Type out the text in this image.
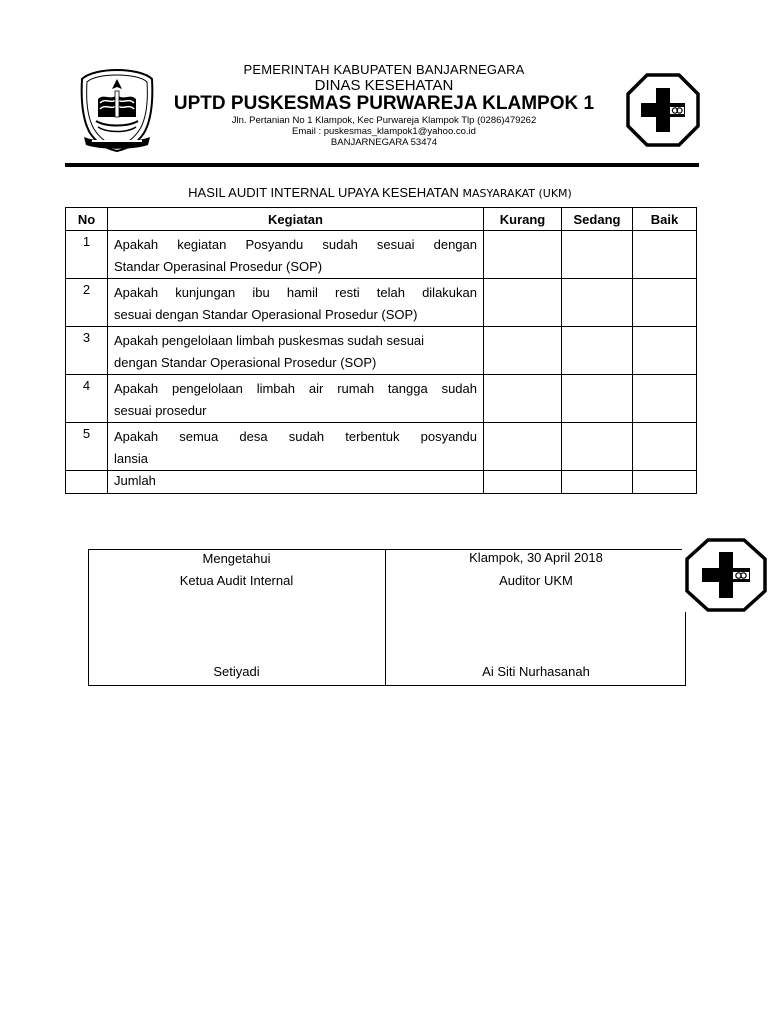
PEMERINTAH KABUPATEN BANJARNEGARA
DINAS KESEHATAN
UPTD PUSKESMAS PURWAREJA KLAMPOK 1
Jln. Pertanian No 1 Klampok, Kec Purwareja Klampok Tlp (0286)479262
Email : puskesmas_klampok1@yahoo.co.id
BANJARNEGARA 53474
HASIL AUDIT INTERNAL UPAYA KESEHATAN MASYARAKAT (UKM)
No	Kegiatan	Kurang	Sedang	Baik
1	Apakah kegiatan Posyandu sudah sesuai dengan
Standar Operasinal Prosedur (SOP)			
2	Apakah kunjungan ibu hamil resti telah dilakukan
sesuai dengan Standar Operasional Prosedur (SOP)			
3	Apakah pengelolaan limbah puskesmas sudah sesuai
dengan Standar Operasional Prosedur (SOP)			
4	Apakah pengelolaan limbah air rumah tangga sudah
sesuai prosedur			
5	Apakah semua desa sudah terbentuk posyandu
lansia			
	Jumlah			
Mengetahui
Ketua Audit Internal
Setiyadi
Klampok, 30 April 2018
Auditor UKM
Ai Siti Nurhasanah
